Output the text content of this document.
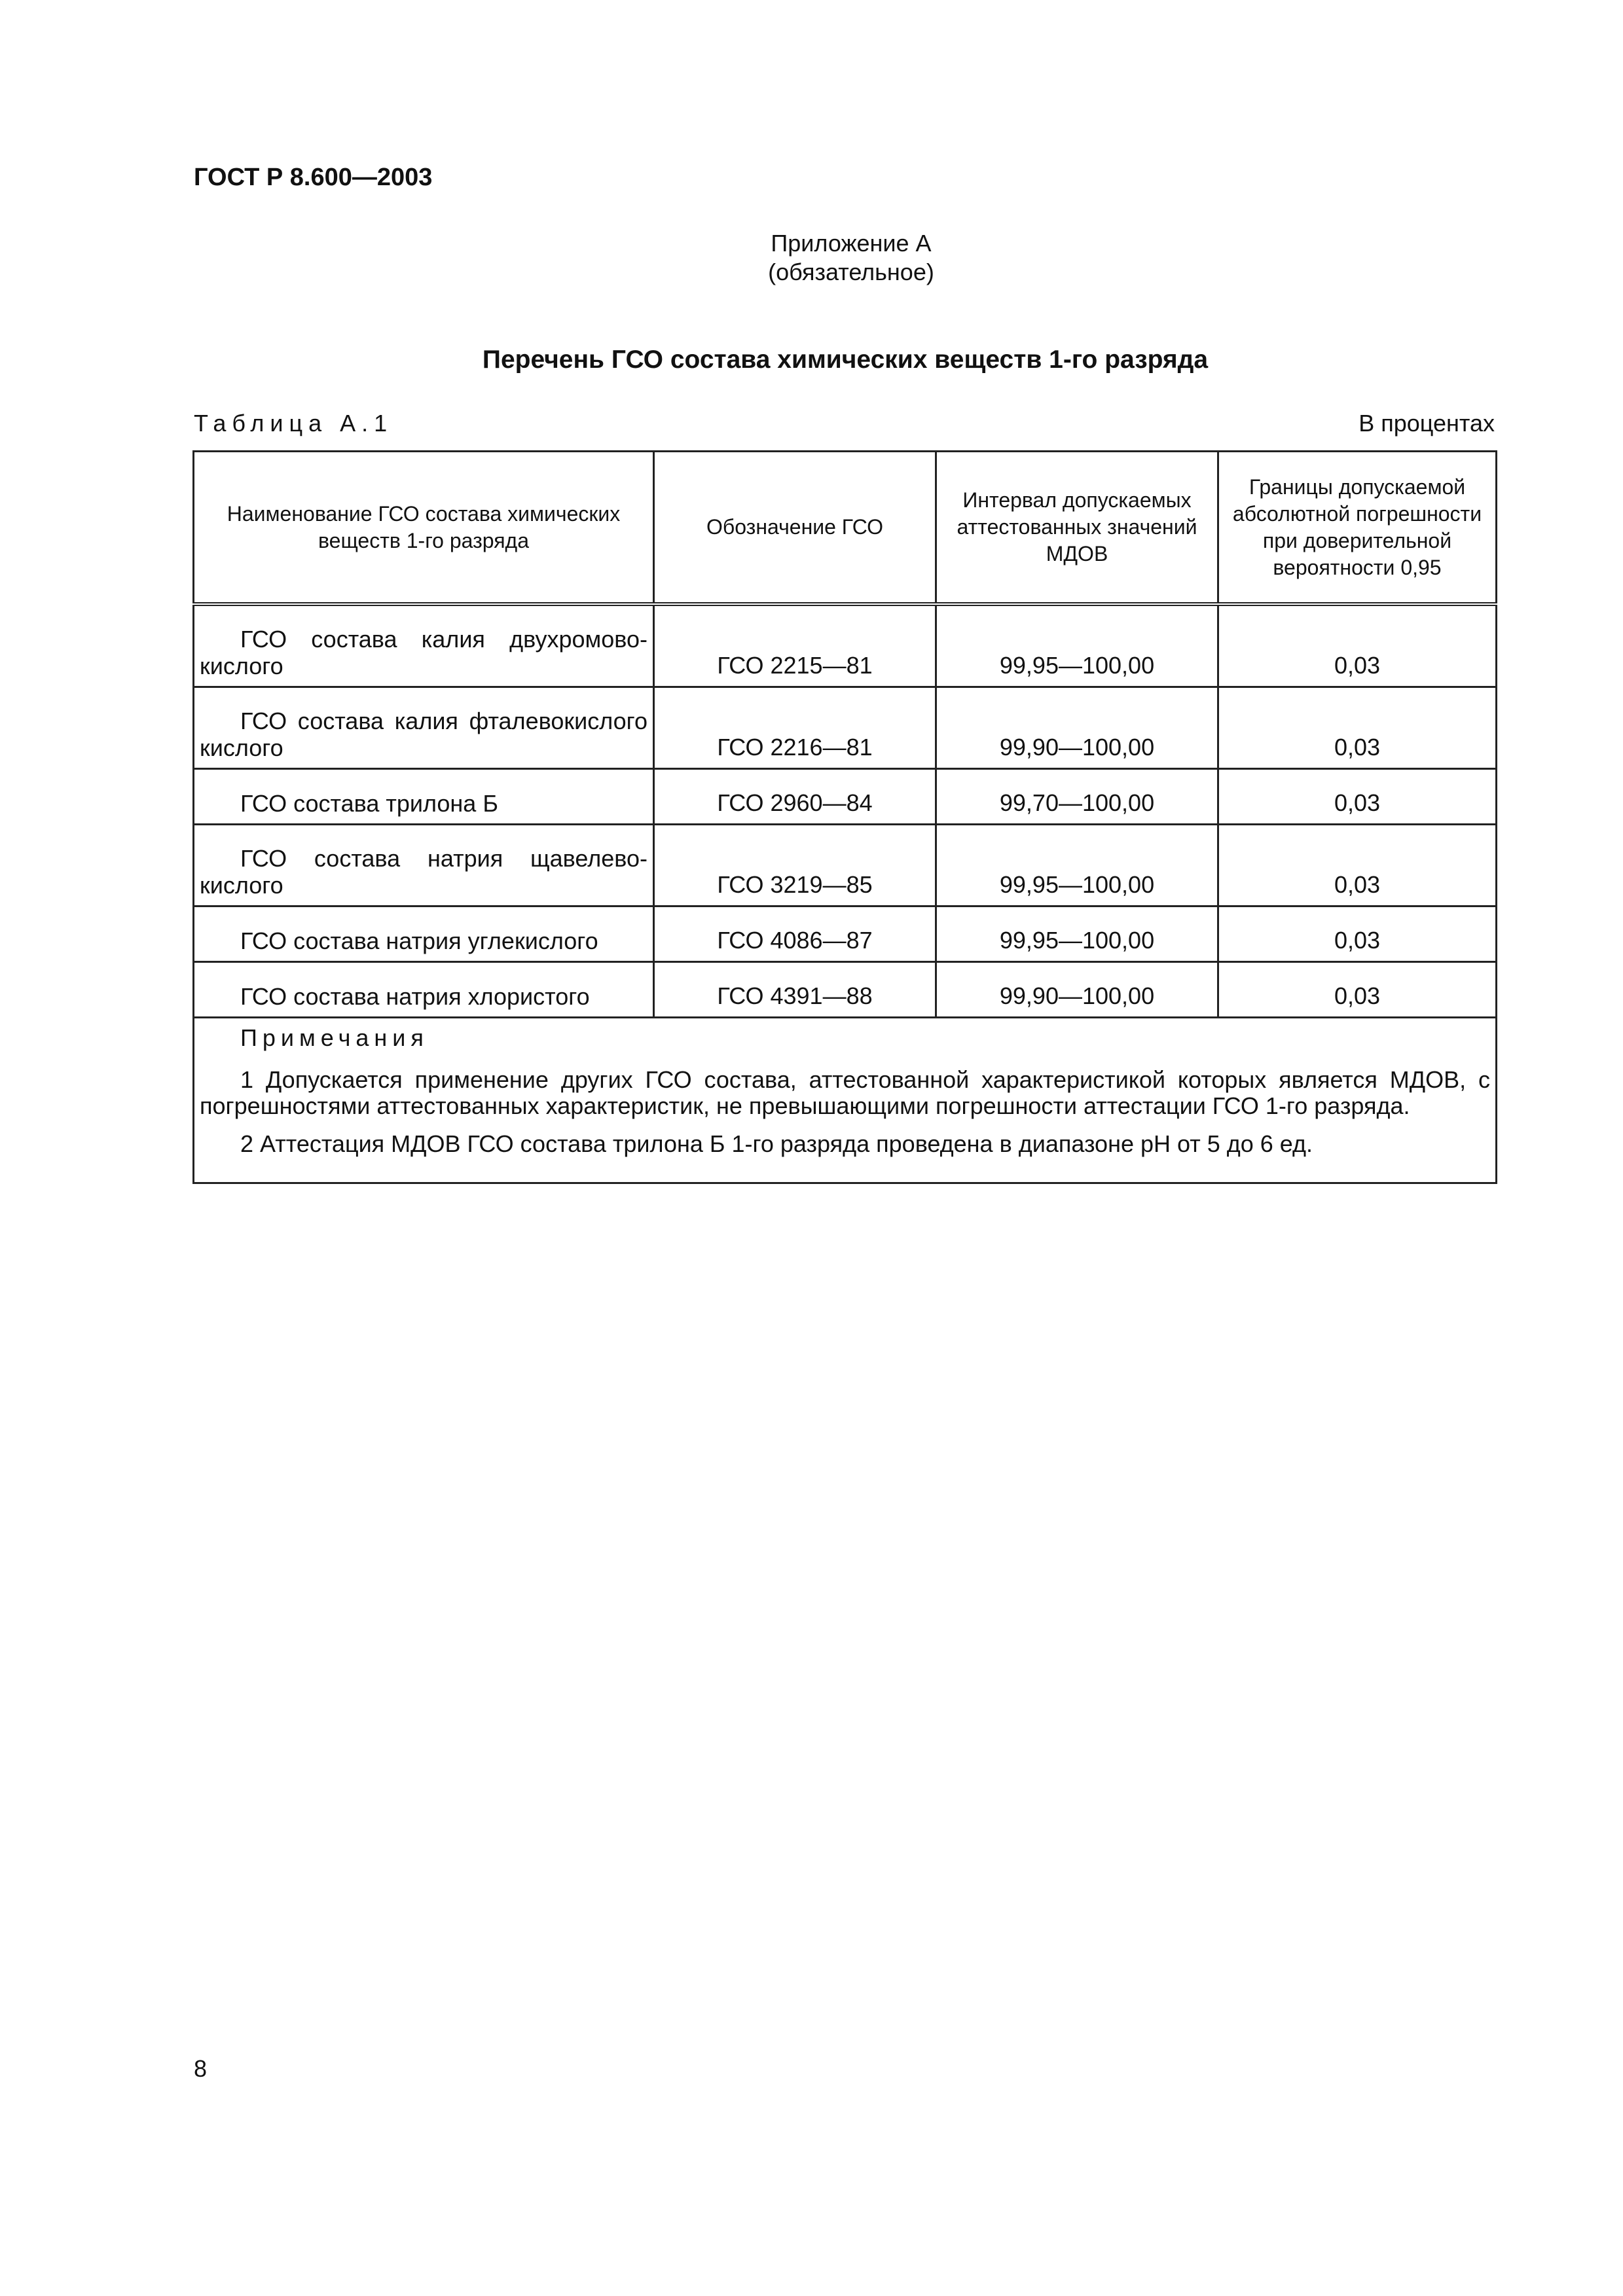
ГОСТ Р 8.600—2003
Приложение А
(обязательное)
Перечень ГСО состава химических веществ 1-го разряда
Таблица А.1	В процентах
Наименование ГСО состава химических веществ 1-го разряда	Обозначение ГСО	Интервал допускаемых аттестованных значений МДОВ	Границы допускаемой абсолютной погрешности при доверительной вероятности 0,95

ГСО состава калия двухромово-
кислого	ГСО 2215—81	99,95—100,00	0,03

ГСО состава калия фталевокислого
кислого	ГСО 2216—81	99,90—100,00	0,03
ГСО состава трилона Б	ГСО 2960—84	99,70—100,00	0,03

ГСО состава натрия щавелево-
кислого	ГСО 3219—85	99,95—100,00	0,03
ГСО состава натрия углекислого	ГСО 4086—87	99,95—100,00	0,03
ГСО состава натрия хлористого	ГСО 4391—88	99,90—100,00	0,03

Примечания
1 Допускается применение других ГСО состава, аттестованной характеристикой которых является МДОВ, с погрешностями аттестованных характеристик, не превышающими погрешности аттестации ГСО 1-го разряда.
2 Аттестация МДОВ ГСО состава трилона Б 1-го разряда проведена в диапазоне pH от 5 до 6 ед.			
8
